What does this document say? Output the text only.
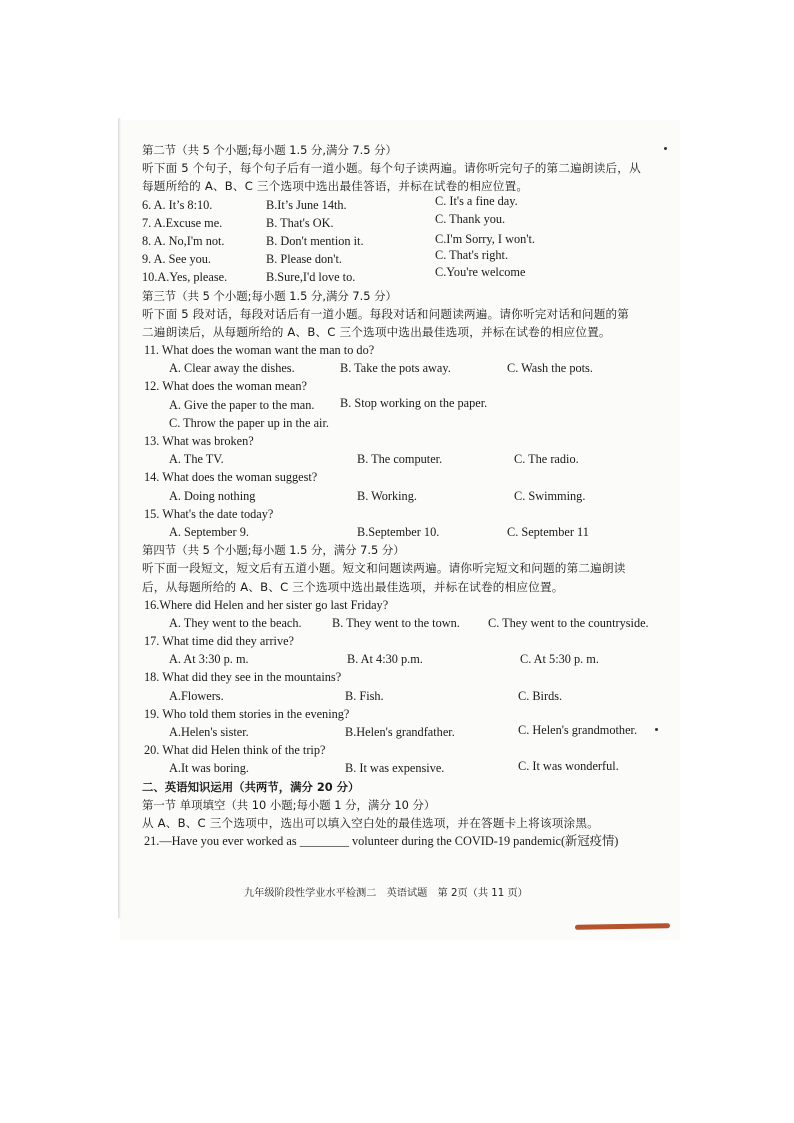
第二节（共 5 个小题;每小题 1.5 分,满分 7.5 分）
听下面 5 个句子，每个句子后有一道小题。每个句子读两遍。请你听完句子的第二遍朗读后，从
每题所给的 A、B、C 三个选项中选出最佳答语，并标在试卷的相应位置。
6. A. It’s 8:10.	B.It’s June 14th.	C. It's a fine day.
7. A.Excuse me.	B. That's OK.	C. Thank you.
8. A. No,I'm not.	B. Don't mention it.	C.I'm Sorry, I won't.
9. A. See you.	B. Please don't.	C. That's right.
10.A.Yes, please.	B.Sure,I'd love to.	C.You're welcome
第三节（共 5 个小题;每小题 1.5 分,满分 7.5 分）
听下面 5 段对话，每段对话后有一道小题。每段对话和问题读两遍。请你听完对话和问题的第
二遍朗读后，从每题所给的 A、B、C 三个选项中选出最佳选项，并标在试卷的相应位置。
11. What does the woman want the man to do?
A. Clear away the dishes.	B. Take the pots away.	C. Wash the pots.
12. What does the woman mean?
A. Give the paper to the man. B. Stop working on the paper.
C. Throw the paper up in the air.
13. What was broken?
A. The TV.	B. The computer.	C. The radio.
14. What does the woman suggest?
A. Doing nothing	B. Working.	C. Swimming.
15. What's the date today?
A. September 9.	B.September 10.	C. September 11
第四节（共 5 个小题;每小题 1.5 分，满分 7.5 分）
听下面一段短文，短文后有五道小题。短文和问题读两遍。请你听完短文和问题的第二遍朗读
后，从每题所给的 A、B、C 三个选项中选出最佳选项，并标在试卷的相应位置。
16.Where did Helen and her sister go last Friday?
A. They went to the beach. B. They went to the town. C. They went to the countryside.
17. What time did they arrive?
A. At 3:30 p. m.	B. At 4:30 p.m.	C. At 5:30 p. m.
18. What did they see in the mountains?
A.Flowers.	B. Fish.	C. Birds.
19. Who told them stories in the evening?
A.Helen's sister.	B.Helen's grandfather.	C. Helen's grandmother.
20. What did Helen think of the trip?
A.It was boring.	B. It was expensive.	C. It was wonderful.
二、英语知识运用（共两节，满分 20 分）
第一节 单项填空（共 10 小题;每小题 1 分，满分 10 分）
从 A、B、C 三个选项中，选出可以填入空白处的最佳选项，并在答题卡上将该项涂黑。
21.—Have you ever worked as ________ volunteer during the COVID-19 pandemic(新冠疫情)
九年级阶段性学业水平检测二　英语试题　第 2页（共 11 页）
